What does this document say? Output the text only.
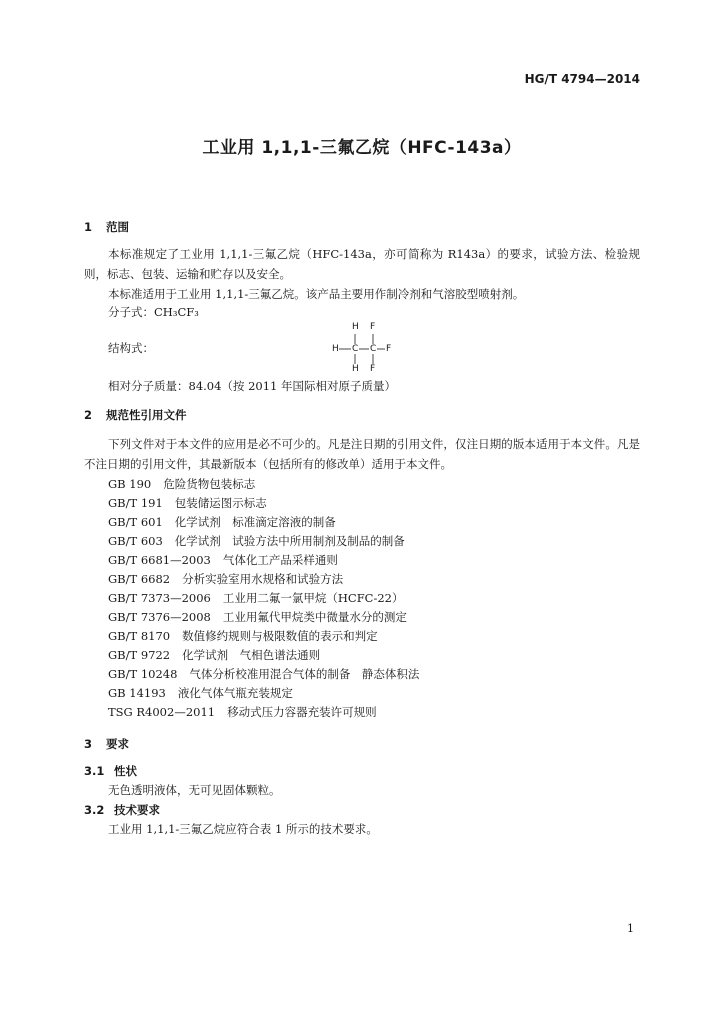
HG/T 4794—2014
工业用 1,1,1-三氟乙烷（HFC-143a）
1 范围
本标准规定了工业用 1,1,1-三氟乙烷（HFC-143a，亦可简称为 R143a）的要求，试验方法、检验规则，标志、包装、运输和贮存以及安全。
本标准适用于工业用 1,1,1-三氟乙烷。该产品主要用作制冷剂和气溶胶型喷射剂。
分子式：CH₃CF₃
结构式：
H F
H C C F
H F
相对分子质量：84.04（按 2011 年国际相对原子质量）
2 规范性引用文件
下列文件对于本文件的应用是必不可少的。凡是注日期的引用文件，仅注日期的版本适用于本文件。凡是不注日期的引用文件，其最新版本（包括所有的修改单）适用于本文件。
GB 190 危险货物包装标志
GB/T 191 包装储运图示标志
GB/T 601 化学试剂　标准滴定溶液的制备
GB/T 603 化学试剂　试验方法中所用制剂及制品的制备
GB/T 6681—2003 气体化工产品采样通则
GB/T 6682 分析实验室用水规格和试验方法
GB/T 7373—2006 工业用二氟一氯甲烷（HCFC-22）
GB/T 7376—2008 工业用氟代甲烷类中微量水分的测定
GB/T 8170 数值修约规则与极限数值的表示和判定
GB/T 9722 化学试剂　气相色谱法通则
GB/T 10248 气体分析校准用混合气体的制备　静态体积法
GB 14193 液化气体气瓶充装规定
TSG R4002—2011 移动式压力容器充装许可规则
3 要求
3.1 性状
无色透明液体，无可见固体颗粒。
3.2 技术要求
工业用 1,1,1-三氟乙烷应符合表 1 所示的技术要求。
1
